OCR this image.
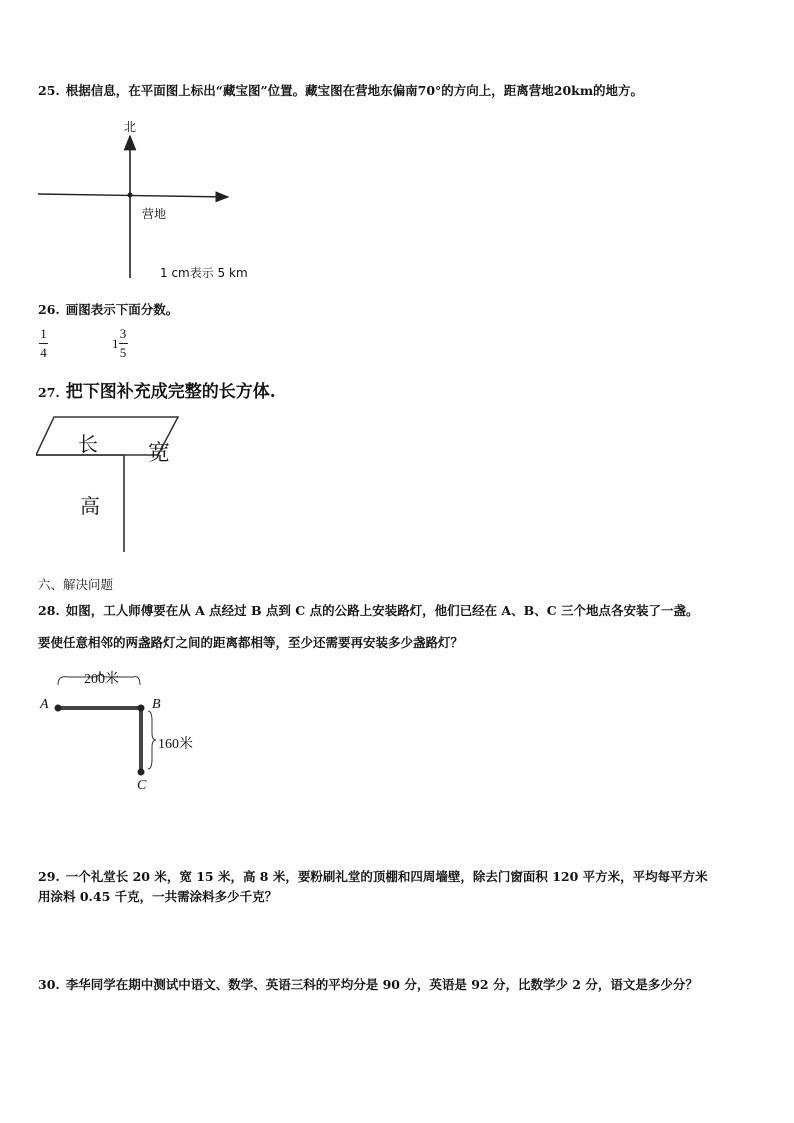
25. 根据信息，在平面图上标出“藏宝图”位置。藏宝图在营地东偏南70°的方向上，距离营地20km的地方。
北
营地
1 cm表示 5 km
26. 画图表示下面分数。
1
4
$1 \frac{3}{5}$
27. 把下图补充成完整的长方体.
长 宽
高
六、解决问题
28. 如图，工人师傅要在从 A 点经过 B 点到 C 点的公路上安装路灯，他们已经在 A、B、C 三个地点各安装了一盏。
要使任意相邻的两盏路灯之间的距离都相等，至少还需要再安装多少盏路灯？
200米
160米
A	B
C
29. 一个礼堂长 20 米，宽 15 米，高 8 米，要粉刷礼堂的顶棚和四周墙壁，除去门窗面积 120 平方米，平均每平方米
用涂料 0.45 千克，一共需涂料多少千克？
30. 李华同学在期中测试中语文、数学、英语三科的平均分是 90 分，英语是 92 分，比数学少 2 分，语文是多少分？
